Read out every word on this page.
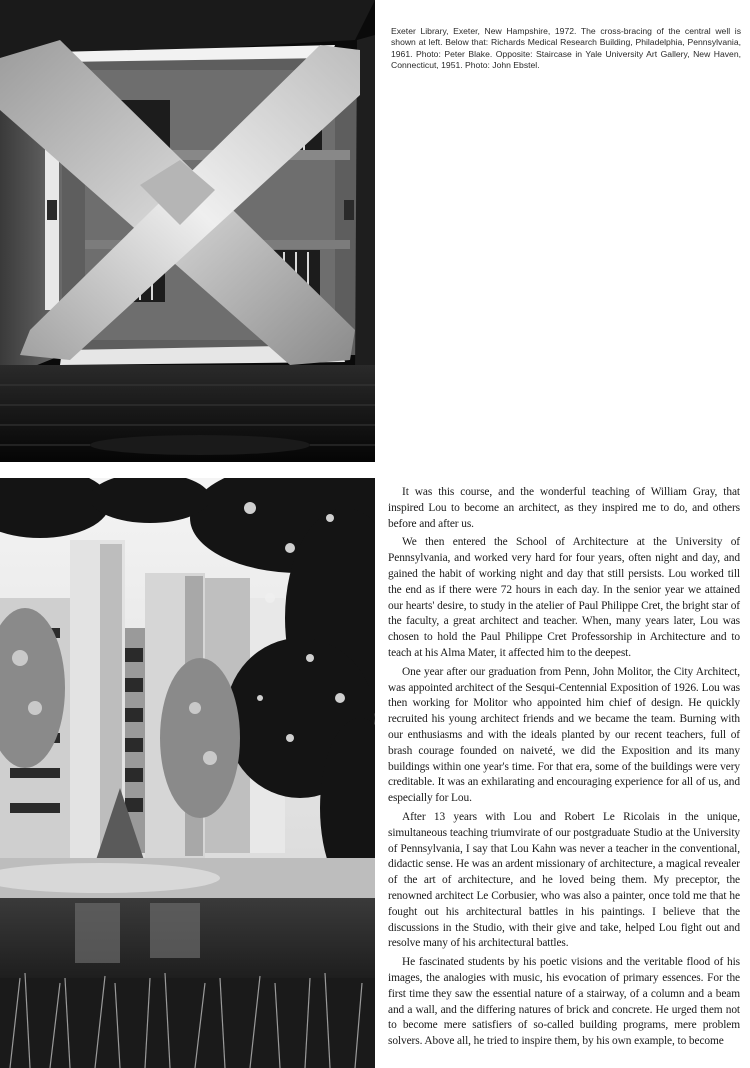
Exeter Library, Exeter, New Hampshire, 1972. The cross-bracing of the central well is shown at left. Below that: Richards Medical Research Building, Philadelphia, Pennsylvania, 1961. Photo: Peter Blake. Opposite: Staircase in Yale University Art Gallery, New Haven, Connecticut, 1951. Photo: John Ebstel.

It was this course, and the wonderful teaching of William Gray, that inspired Lou to become an architect, as they inspired me to do, and others before and after us.

We then entered the School of Architecture at the University of Pennsylvania, and worked very hard for four years, often night and day, and gained the habit of working night and day that still persists. Lou worked till the end as if there were 72 hours in each day. In the senior year we attained our hearts' desire, to study in the atelier of Paul Philippe Cret, the bright star of the faculty, a great architect and teacher. When, many years later, Lou was chosen to hold the Paul Philippe Cret Professorship in Architecture and to teach at his Alma Mater, it affected him to the deepest.

One year after our graduation from Penn, John Molitor, the City Architect, was appointed architect of the Sesqui-Centennial Exposition of 1926. Lou was then working for Molitor who appointed him chief of design. He quickly recruited his young architect friends and we became the team. Burning with our enthusiasms and with the ideals planted by our recent teachers, full of brash courage founded on naiveté, we did the Exposition and its many buildings within one year's time. For that era, some of the buildings were very creditable. It was an exhilarating and encouraging experience for all of us, and especially for Lou.

After 13 years with Lou and Robert Le Ricolais in the unique, simultaneous teaching triumvirate of our postgraduate Studio at the University of Pennsylvania, I say that Lou Kahn was never a teacher in the conventional, didactic sense. He was an ardent missionary of architecture, a magical revealer of the art of architecture, and he loved being them. My preceptor, the renowned architect Le Corbusier, who was also a painter, once told me that he fought out his architectural battles in his paintings. I believe that the discussions in the Studio, with their give and take, helped Lou fight out and resolve many of his architectural battles.

He fascinated students by his poetic visions and the veritable flood of his images, the analogies with music, his evocation of primary essences. For the first time they saw the essential nature of a stairway, of a column and a beam and a wall, and the differing natures of brick and concrete. He urged them not to become mere satisfiers of so-called building programs, mere problem solvers. Above all, he tried to inspire them, by his own example, to become
